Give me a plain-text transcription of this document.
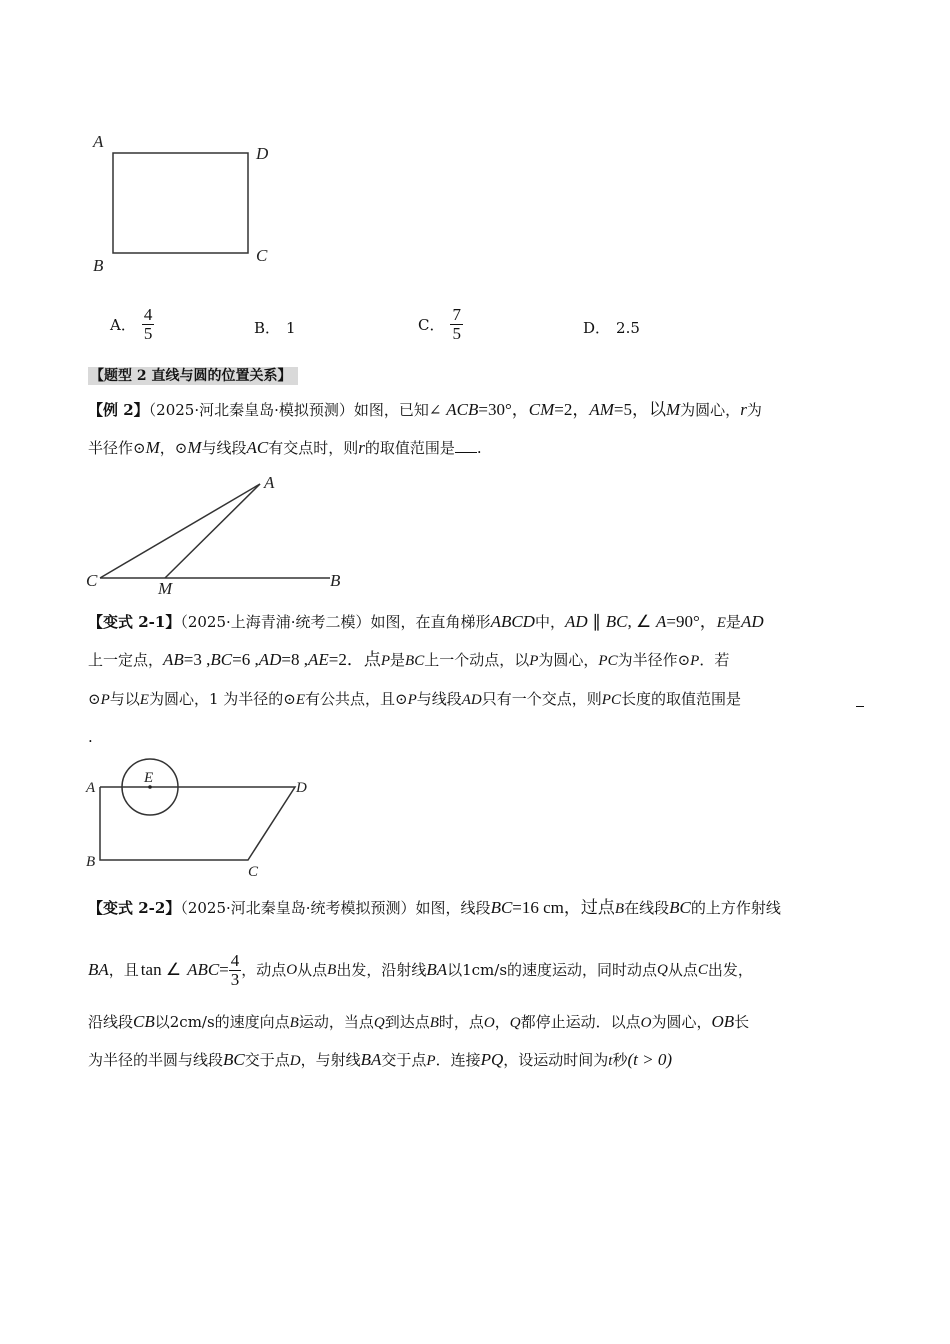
A
D
C
B
A． $\frac{4}{5}$	B． 1	C． $\frac{7}{5}$	D． 2.5
【题型 2 直线与圆的位置关系】
【例 2】（2025·河北秦皇岛·模拟预测）如图，已知∠ ACB=30°，CM=2，AM=5，以M为圆心，r为
半径作⊙M，⊙M与线段AC有交点时，则r的取值范围是 .
A
C	M	B
【变式 2-1】（2025·上海青浦·统考二模）如图，在直角梯形ABCD中，AD ∥ BC, ∠ A=90°，E是AD
上一定点，AB=3 ,BC=6 ,AD=8 ,AE=2．点P是BC上一个动点，以P为圆心，PC为半径作⊙P．若
⊙P与以E为圆心，1 为半径的⊙E有公共点，且⊙P与线段AD只有一个交点，则PC长度的取值范围是
.
A
E
D
B
C
【变式 2-2】（2025·河北秦皇岛·统考模拟预测）如图，线段BC=16 cm，过点B在线段BC的上方作射线
BA ，且 tan ∠ ABC = $\frac{4}{3}$ ，动点 O 从点 B 出发，沿射线 BA 以1cm/s的速度运动，同时动点 Q 从点 C 出发，
沿线段CB以2cm/s的速度向点B运动，当点Q到达点B时，点O，Q都停止运动．以点O为圆心，OB长
为半径的半圆与线段BC交于点D，与射线BA交于点P．连接PQ，设运动时间为t秒(t > 0)
